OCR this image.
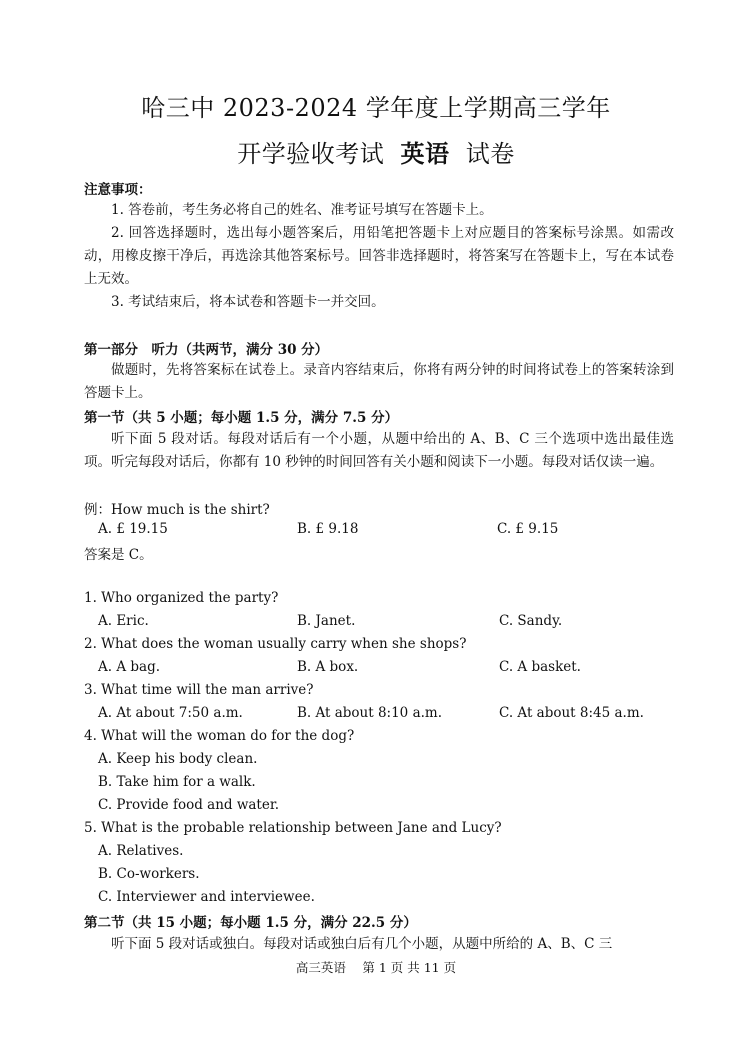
哈三中 2023-2024 学年度上学期高三学年
开学验收考试 英语 试卷
注意事项：
1. 答卷前，考生务必将自己的姓名、准考证号填写在答题卡上。
2. 回答选择题时，选出每小题答案后，用铅笔把答题卡上对应题目的答案标号涂黑。如需改动，用橡皮擦干净后，再选涂其他答案标号。回答非选择题时，将答案写在答题卡上，写在本试卷上无效。
3. 考试结束后，将本试卷和答题卡一并交回。
第一部分　听力（共两节，满分 30 分）
做题时，先将答案标在试卷上。录音内容结束后，你将有两分钟的时间将试卷上的答案转涂到答题卡上。
第一节（共 5 小题；每小题 1.5 分，满分 7.5 分）
听下面 5 段对话。每段对话后有一个小题，从题中给出的 A、B、C 三个选项中选出最佳选项。听完每段对话后，你都有 10 秒钟的时间回答有关小题和阅读下一小题。每段对话仅读一遍。
例：How much is the shirt?
A. £ 19.15	B. £ 9.18	C. £ 9.15
答案是 C。
1. Who organized the party?
A. Eric.	B. Janet.	C. Sandy.
2. What does the woman usually carry when she shops?
A. A bag.	B. A box.	C. A basket.
3. What time will the man arrive?
A. At about 7:50 a.m.	B. At about 8:10 a.m.	C. At about 8:45 a.m.
4. What will the woman do for the dog?
A. Keep his body clean.
B. Take him for a walk.
C. Provide food and water.
5. What is the probable relationship between Jane and Lucy?
A. Relatives.
B. Co-workers.
C. Interviewer and interviewee.
第二节（共 15 小题；每小题 1.5 分，满分 22.5 分）
听下面 5 段对话或独白。每段对话或独白后有几个小题，从题中所给的 A、B、C 三
高三英语　 第 1 页 共 11 页
